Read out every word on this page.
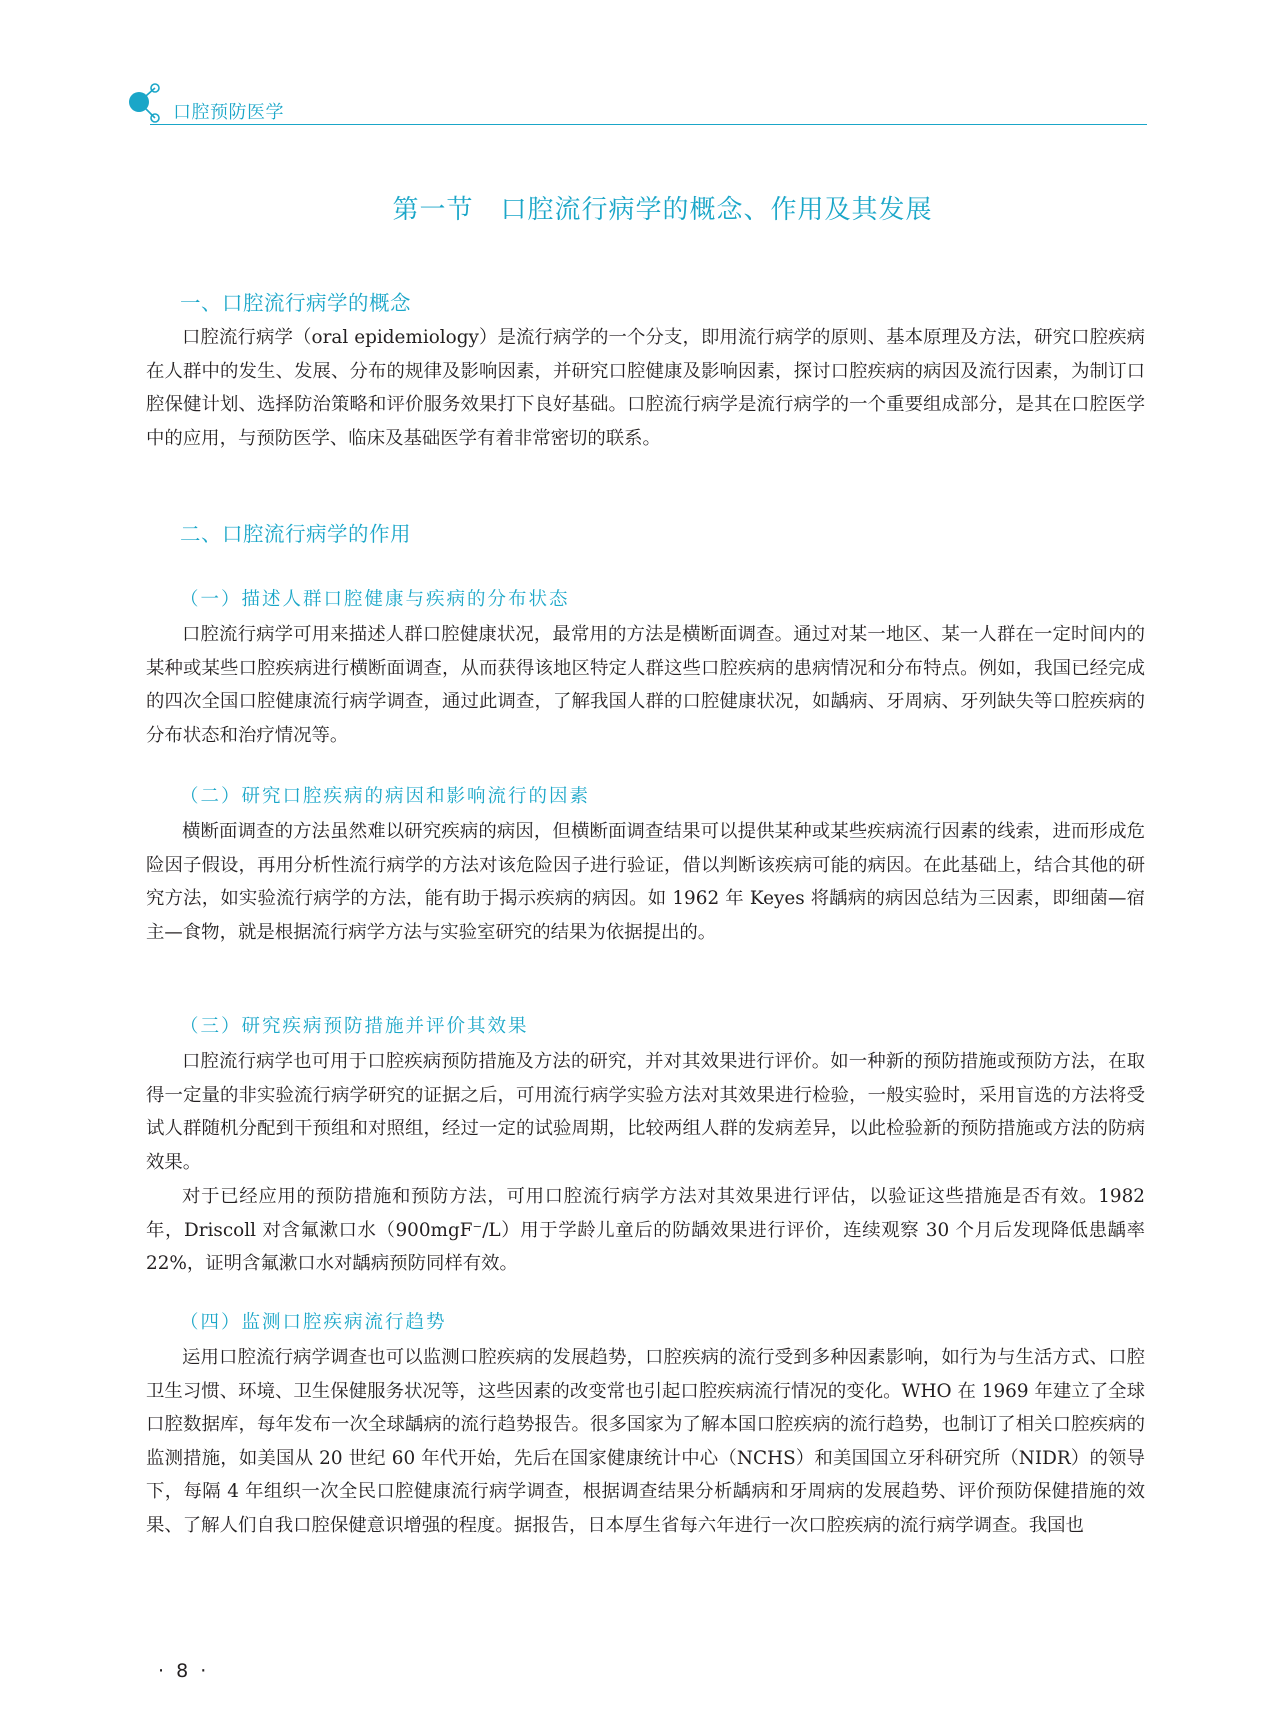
口腔预防医学
第一节　口腔流行病学的概念、作用及其发展
一、口腔流行病学的概念

口腔流行病学（oral epidemiology）是流行病学的一个分支，即用流行病学的原则、基本原理及方法，研究口腔疾病在人群中的发生、发展、分布的规律及影响因素，并研究口腔健康及影响因素，探讨口腔疾病的病因及流行因素，为制订口腔保健计划、选择防治策略和评价服务效果打下良好基础。口腔流行病学是流行病学的一个重要组成部分，是其在口腔医学中的应用，与预防医学、临床及基础医学有着非常密切的联系。

二、口腔流行病学的作用
（一）描述人群口腔健康与疾病的分布状态

口腔流行病学可用来描述人群口腔健康状况，最常用的方法是横断面调查。通过对某一地区、某一人群在一定时间内的某种或某些口腔疾病进行横断面调查，从而获得该地区特定人群这些口腔疾病的患病情况和分布特点。例如，我国已经完成的四次全国口腔健康流行病学调查，通过此调查，了解我国人群的口腔健康状况，如龋病、牙周病、牙列缺失等口腔疾病的分布状态和治疗情况等。

（二）研究口腔疾病的病因和影响流行的因素

横断面调查的方法虽然难以研究疾病的病因，但横断面调查结果可以提供某种或某些疾病流行因素的线索，进而形成危险因子假设，再用分析性流行病学的方法对该危险因子进行验证，借以判断该疾病可能的病因。在此基础上，结合其他的研究方法，如实验流行病学的方法，能有助于揭示疾病的病因。如 1962 年 Keyes 将龋病的病因总结为三因素，即细菌—宿主—食物，就是根据流行病学方法与实验室研究的结果为依据提出的。

（三）研究疾病预防措施并评价其效果

口腔流行病学也可用于口腔疾病预防措施及方法的研究，并对其效果进行评价。如一种新的预防措施或预防方法，在取得一定量的非实验流行病学研究的证据之后，可用流行病学实验方法对其效果进行检验，一般实验时，采用盲选的方法将受试人群随机分配到干预组和对照组，经过一定的试验周期，比较两组人群的发病差异，以此检验新的预防措施或方法的防病效果。

对于已经应用的预防措施和预防方法，可用口腔流行病学方法对其效果进行评估，以验证这些措施是否有效。1982 年，Driscoll 对含氟漱口水（900mgF⁻/L）用于学龄儿童后的防龋效果进行评价，连续观察 30 个月后发现降低患龋率 22%，证明含氟漱口水对龋病预防同样有效。

（四）监测口腔疾病流行趋势

运用口腔流行病学调查也可以监测口腔疾病的发展趋势，口腔疾病的流行受到多种因素影响，如行为与生活方式、口腔卫生习惯、环境、卫生保健服务状况等，这些因素的改变常也引起口腔疾病流行情况的变化。WHO 在 1969 年建立了全球口腔数据库，每年发布一次全球龋病的流行趋势报告。很多国家为了解本国口腔疾病的流行趋势，也制订了相关口腔疾病的监测措施，如美国从 20 世纪 60 年代开始，先后在国家健康统计中心（NCHS）和美国国立牙科研究所（NIDR）的领导下，每隔 4 年组织一次全民口腔健康流行病学调查，根据调查结果分析龋病和牙周病的发展趋势、评价预防保健措施的效果、了解人们自我口腔保健意识增强的程度。据报告，日本厚生省每六年进行一次口腔疾病的流行病学调查。我国也

· 8 ·
